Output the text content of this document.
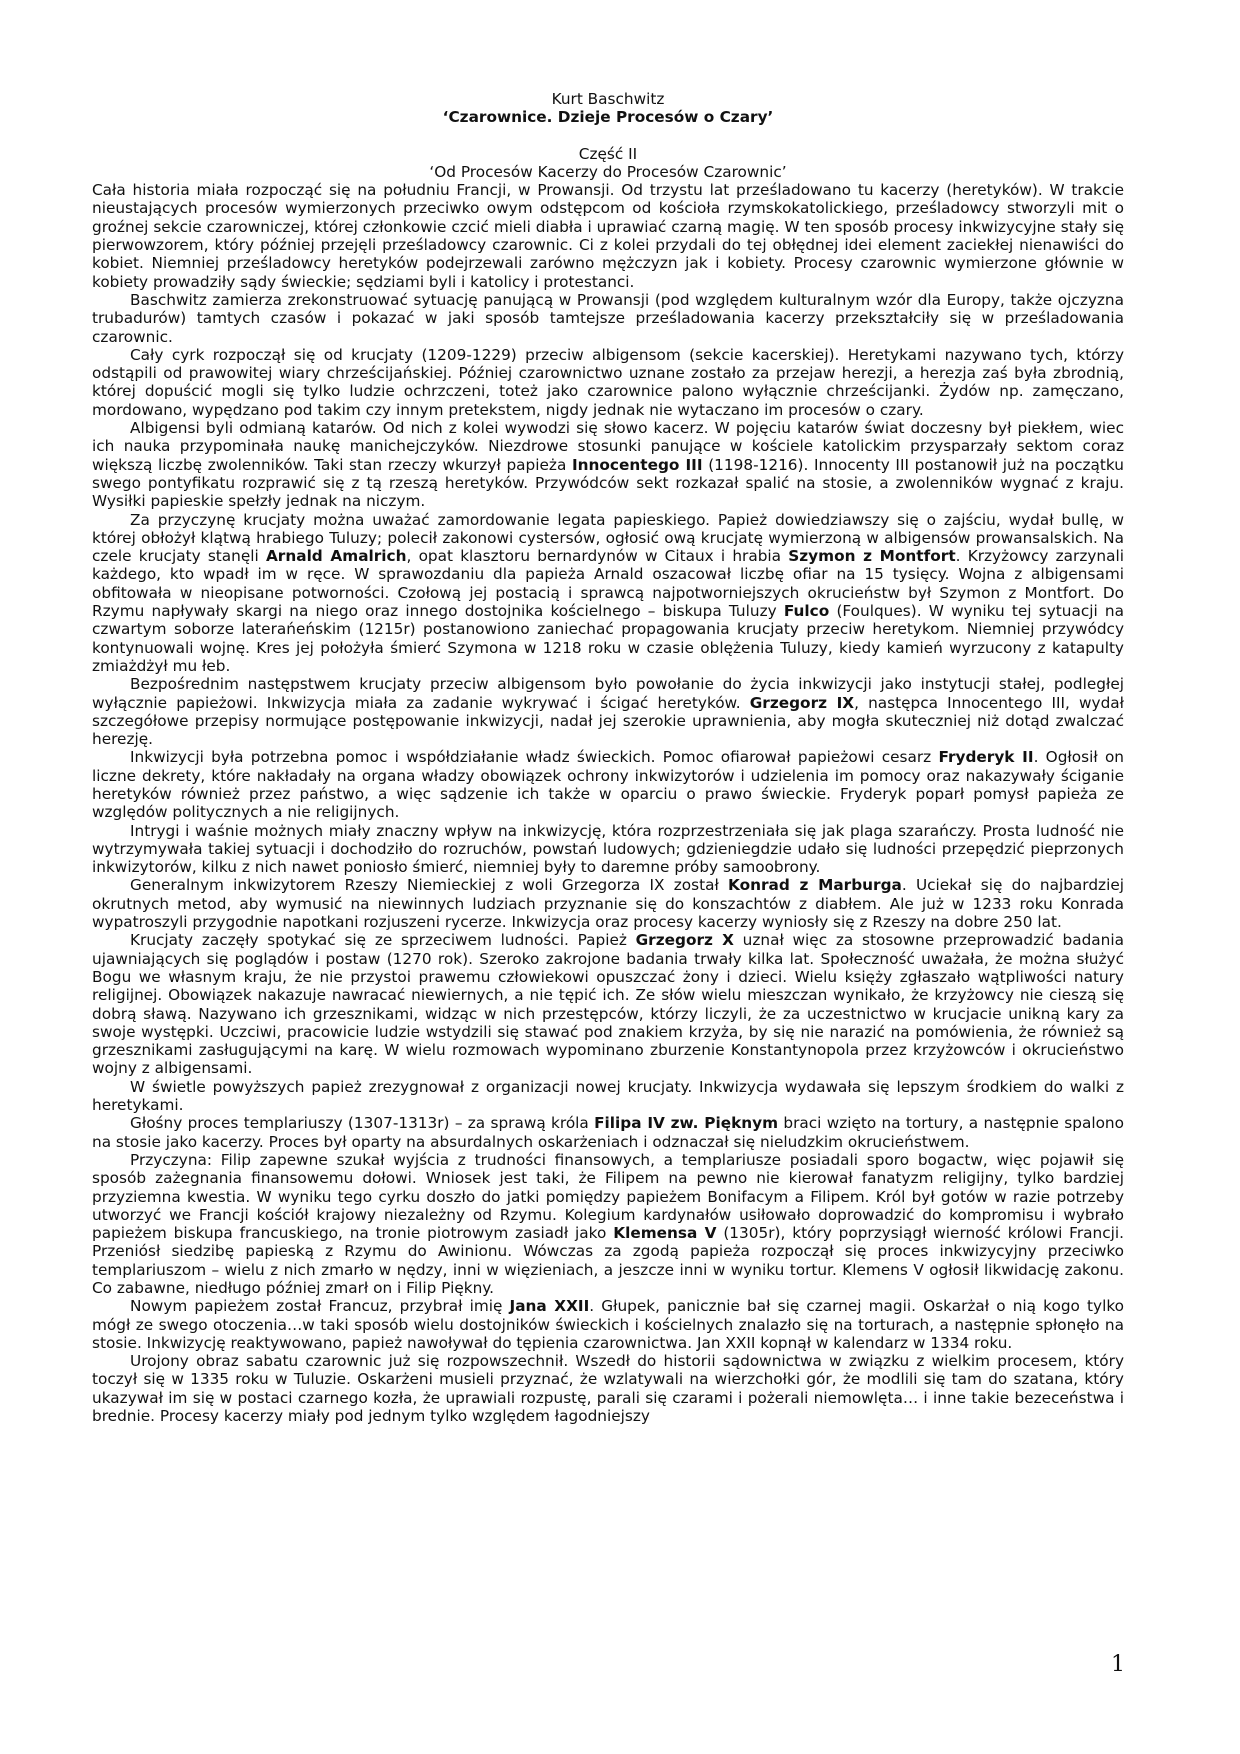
Kurt Baschwitz
‘Czarownice. Dzieje Procesów o Czary’
Część II
‘Od Procesów Kacerzy do Procesów Czarownic’

Cała historia miała rozpocząć się na południu Francji, w Prowansji. Od trzystu lat prześladowano tu kacerzy (heretyków). W trakcie nieustających procesów wymierzonych przeciwko owym odstępcom od kościoła rzymskokatolickiego, prześladowcy stworzyli mit o groźnej sekcie czarowniczej, której członkowie czcić mieli diabła i uprawiać czarną magię. W ten sposób procesy inkwizycyjne stały się pierwowzorem, który później przejęli prześladowcy czarownic. Ci z kolei przydali do tej obłędnej idei element zaciekłej nienawiści do kobiet. Niemniej prześladowcy heretyków podejrzewali zarówno mężczyzn jak i kobiety. Procesy czarownic wymierzone głównie w kobiety prowadziły sądy świeckie; sędziami byli i katolicy i protestanci.

Baschwitz zamierza zrekonstruować sytuację panującą w Prowansji (pod względem kulturalnym wzór dla Europy, także ojczyzna trubadurów) tamtych czasów i pokazać w jaki sposób tamtejsze prześladowania kacerzy przekształciły się w prześladowania czarownic.

Cały cyrk rozpoczął się od krucjaty (1209-1229) przeciw albigensom (sekcie kacerskiej). Heretykami nazywano tych, którzy odstąpili od prawowitej wiary chrześcijańskiej. Później czarownictwo uznane zostało za przejaw herezji, a herezja zaś była zbrodnią, której dopuścić mogli się tylko ludzie ochrzczeni, toteż jako czarownice palono wyłącznie chrześcijanki. Żydów np. zamęczano, mordowano, wypędzano pod takim czy innym pretekstem, nigdy jednak nie wytaczano im procesów o czary.

Albigensi byli odmianą katarów. Od nich z kolei wywodzi się słowo kacerz. W pojęciu katarów świat doczesny był piekłem, wiec ich nauka przypominała naukę manichejczyków. Niezdrowe stosunki panujące w kościele katolickim przysparzały sektom coraz większą liczbę zwolenników. Taki stan rzeczy wkurzył papieża Innocentego III (1198-1216). Innocenty III postanowił już na początku swego pontyfikatu rozprawić się z tą rzeszą heretyków. Przywódców sekt rozkazał spalić na stosie, a zwolenników wygnać z kraju. Wysiłki papieskie spełzły jednak na niczym.

Za przyczynę krucjaty można uważać zamordowanie legata papieskiego. Papież dowiedziawszy się o zajściu, wydał bullę, w której obłożył klątwą hrabiego Tuluzy; polecił zakonowi cystersów, ogłosić ową krucjatę wymierzoną w albigensów prowansalskich. Na czele krucjaty stanęli Arnald Amalrich, opat klasztoru bernardynów w Citaux i hrabia Szymon z Montfort. Krzyżowcy zarzynali każdego, kto wpadł im w ręce. W sprawozdaniu dla papieża Arnald oszacował liczbę ofiar na 15 tysięcy. Wojna z albigensami obfitowała w nieopisane potworności. Czołową jej postacią i sprawcą najpotworniejszych okrucieństw był Szymon z Montfort. Do Rzymu napływały skargi na niego oraz innego dostojnika kościelnego – biskupa Tuluzy Fulco (Foulques). W wyniku tej sytuacji na czwartym soborze laterańeńskim (1215r) postanowiono zaniechać propagowania krucjaty przeciw heretykom. Niemniej przywódcy kontynuowali wojnę. Kres jej położyła śmierć Szymona w 1218 roku w czasie oblężenia Tuluzy, kiedy kamień wyrzucony z katapulty zmiażdżył mu łeb.

Bezpośrednim następstwem krucjaty przeciw albigensom było powołanie do życia inkwizycji jako instytucji stałej, podległej wyłącznie papieżowi. Inkwizycja miała za zadanie wykrywać i ścigać heretyków. Grzegorz IX, następca Innocentego III, wydał szczegółowe przepisy normujące postępowanie inkwizycji, nadał jej szerokie uprawnienia, aby mogła skuteczniej niż dotąd zwalczać herezję.

Inkwizycji była potrzebna pomoc i współdziałanie władz świeckich. Pomoc ofiarował papieżowi cesarz Fryderyk II. Ogłosił on liczne dekrety, które nakładały na organa władzy obowiązek ochrony inkwizytorów i udzielenia im pomocy oraz nakazywały ściganie heretyków również przez państwo, a więc sądzenie ich także w oparciu o prawo świeckie. Fryderyk poparł pomysł papieża ze względów politycznych a nie religijnych.

Intrygi i waśnie możnych miały znaczny wpływ na inkwizycję, która rozprzestrzeniała się jak plaga szarańczy. Prosta ludność nie wytrzymywała takiej sytuacji i dochodziło do rozruchów, powstań ludowych; gdzieniegdzie udało się ludności przepędzić pieprzonych inkwizytorów, kilku z nich nawet poniosło śmierć, niemniej były to daremne próby samoobrony.

Generalnym inkwizytorem Rzeszy Niemieckiej z woli Grzegorza IX został Konrad z Marburga. Uciekał się do najbardziej okrutnych metod, aby wymusić na niewinnych ludziach przyznanie się do konszachtów z diabłem. Ale już w 1233 roku Konrada wypatroszyli przygodnie napotkani rozjuszeni rycerze. Inkwizycja oraz procesy kacerzy wyniosły się z Rzeszy na dobre 250 lat.

Krucjaty zaczęły spotykać się ze sprzeciwem ludności. Papież Grzegorz X uznał więc za stosowne przeprowadzić badania ujawniających się poglądów i postaw (1270 rok). Szeroko zakrojone badania trwały kilka lat. Społeczność uważała, że można służyć Bogu we własnym kraju, że nie przystoi prawemu człowiekowi opuszczać żony i dzieci. Wielu księży zgłaszało wątpliwości natury religijnej. Obowiązek nakazuje nawracać niewiernych, a nie tępić ich. Ze słów wielu mieszczan wynikało, że krzyżowcy nie cieszą się dobrą sławą. Nazywano ich grzesznikami, widząc w nich przestępców, którzy liczyli, że za uczestnictwo w krucjacie unikną kary za swoje występki. Uczciwi, pracowicie ludzie wstydzili się stawać pod znakiem krzyża, by się nie narazić na pomówienia, że również są grzesznikami zasługującymi na karę. W wielu rozmowach wypominano zburzenie Konstantynopola przez krzyżowców i okrucieństwo wojny z albigensami.

W świetle powyższych papież zrezygnował z organizacji nowej krucjaty. Inkwizycja wydawała się lepszym środkiem do walki z heretykami.

Głośny proces templariuszy (1307-1313r) – za sprawą króla Filipa IV zw. Pięknym braci wzięto na tortury, a następnie spalono na stosie jako kacerzy. Proces był oparty na absurdalnych oskarżeniach i odznaczał się nieludzkim okrucieństwem.

Przyczyna: Filip zapewne szukał wyjścia z trudności finansowych, a templariusze posiadali sporo bogactw, więc pojawił się sposób zażegnania finansowemu dołowi. Wniosek jest taki, że Filipem na pewno nie kierował fanatyzm religijny, tylko bardziej przyziemna kwestia. W wyniku tego cyrku doszło do jatki pomiędzy papieżem Bonifacym a Filipem. Król był gotów w razie potrzeby utworzyć we Francji kościół krajowy niezależny od Rzymu. Kolegium kardynałów usiłowało doprowadzić do kompromisu i wybrało papieżem biskupa francuskiego, na tronie piotrowym zasiadł jako Klemensa V (1305r), który poprzysiągł wierność królowi Francji. Przeniósł siedzibę papieską z Rzymu do Awinionu. Wówczas za zgodą papieża rozpoczął się proces inkwizycyjny przeciwko templariuszom – wielu z nich zmarło w nędzy, inni w więzieniach, a jeszcze inni w wyniku tortur. Klemens V ogłosił likwidację zakonu. Co zabawne, niedługo później zmarł on i Filip Piękny.

Nowym papieżem został Francuz, przybrał imię Jana XXII. Głupek, panicznie bał się czarnej magii. Oskarżał o nią kogo tylko mógł ze swego otoczenia…w taki sposób wielu dostojników świeckich i kościelnych znalazło się na torturach, a następnie spłonęło na stosie. Inkwizycję reaktywowano, papież nawoływał do tępienia czarownictwa. Jan XXII kopnął w kalendarz w 1334 roku.

Urojony obraz sabatu czarownic już się rozpowszechnił. Wszedł do historii sądownictwa w związku z wielkim procesem, który toczył się w 1335 roku w Tuluzie. Oskarżeni musieli przyznać, że wzlatywali na wierzchołki gór, że modlili się tam do szatana, który ukazywał im się w postaci czarnego kozła, że uprawiali rozpustę, parali się czarami i pożerali niemowlęta… i inne takie bezeceństwa i brednie. Procesy kacerzy miały pod jednym tylko względem łagodniejszy

1
